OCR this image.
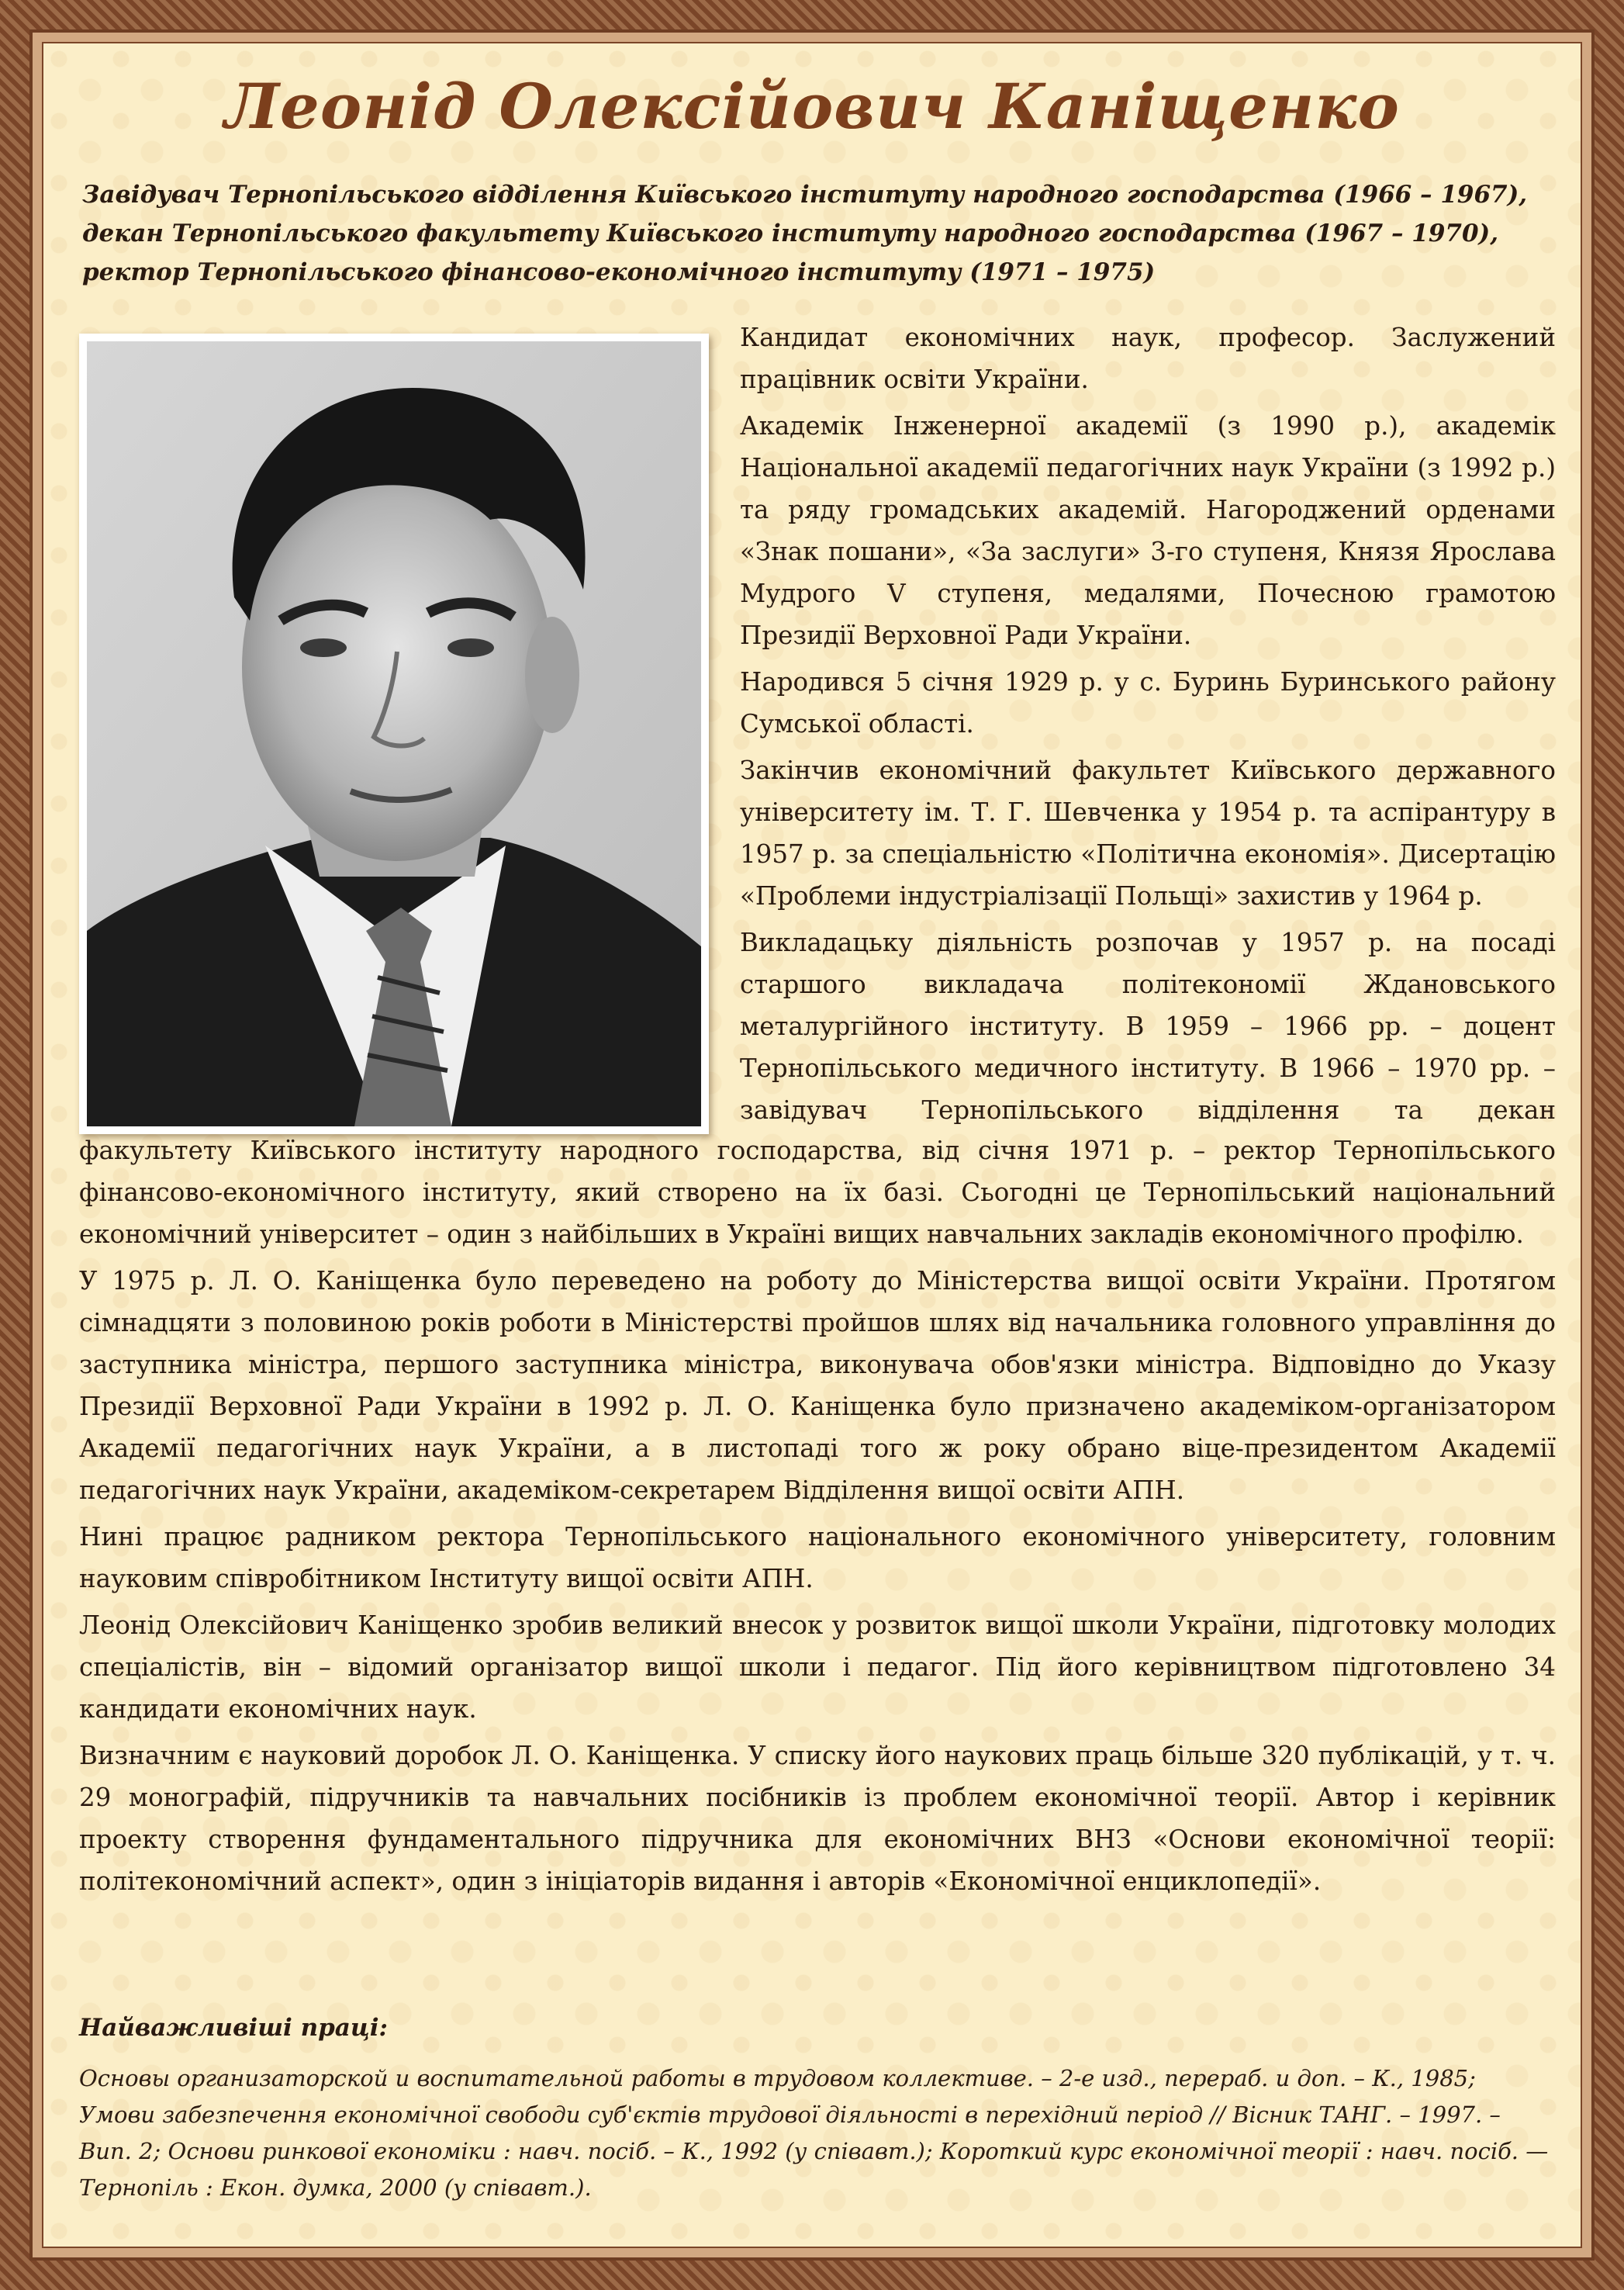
Леонід Олексійович Каніщенко
Завідувач Тернопільського відділення Київського інституту народного господарства (1966 – 1967),
декан Тернопільського факультету Київського інституту народного господарства (1967 – 1970),
ректор Тернопільського фінансово-економічного інституту (1971 – 1975)

Кандидат економічних наук, професор. Заслужений працівник освіти України.

Академік Інженерної академії (з 1990 р.), академік Національної академії педагогічних наук України (з 1992 р.) та ряду громадських академій. Нагороджений орденами «Знак пошани», «За заслуги» 3-го ступеня, Князя Ярослава Мудрого V ступеня, медалями, Почесною грамотою Президії Верховної Ради України.

Народився 5 січня 1929 р. у с. Буринь Буринського району Сумської області.

Закінчив економічний факультет Київського державного університету ім. Т. Г. Шевченка у 1954 р. та аспірантуру в 1957 р. за спеціальністю «Політична економія». Дисертацію «Проблеми індустріалізації Польщі» захистив у 1964 р.

Викладацьку діяльність розпочав у 1957 р. на посаді старшого викладача політекономії Ждановського металургійного інституту. В 1959 – 1966 рр. – доцент Тернопільського медичного інституту. В 1966 – 1970 рр. – завідувач Тернопільського відділення та декан

факультету Київського інституту народного господарства, від січня 1971 р. – ректор Тернопільського фінансово-економічного інституту, який створено на їх базі. Сьогодні це Тернопільський національний економічний університет – один з найбільших в Україні вищих навчальних закладів економічного профілю.

У 1975 р. Л. О. Каніщенка було переведено на роботу до Міністерства вищої освіти України. Протягом сімнадцяти з половиною років роботи в Міністерстві пройшов шлях від начальника головного управління до заступника міністра, першого заступника міністра, виконувача обов'язки міністра. Відповідно до Указу Президії Верховної Ради України в 1992 р. Л. О. Каніщенка було призначено академіком-організатором Академії педагогічних наук України, а в листопаді того ж року обрано віце-президентом Академії педагогічних наук України, академіком-секретарем Відділення вищої освіти АПН.

Нині працює радником ректора Тернопільського національного економічного університету, головним науковим співробітником Інституту вищої освіти АПН.

Леонід Олексійович Каніщенко зробив великий внесок у розвиток вищої школи України, підготовку молодих спеціалістів, він – відомий організатор вищої школи і педагог. Під його керівництвом підготовлено 34 кандидати економічних наук.

Визначним є науковий доробок Л. О. Каніщенка. У списку його наукових праць більше 320 публікацій, у т. ч. 29 монографій, підручників та навчальних посібників із проблем економічної теорії. Автор і керівник проекту створення фундаментального підручника для економічних ВНЗ «Основи економічної теорії: політекономічний аспект», один з ініціаторів видання і авторів «Економічної енциклопедії».

Найважливіші праці:
Основы организаторской и воспитательной работы в трудовом коллективе. – 2-е изд., перераб. и доп. – К., 1985;
Умови забезпечення економічної свободи суб'єктів трудової діяльності в перехідний період // Вісник ТАНГ. – 1997. –
Вип. 2; Основи ринкової економіки : навч. посіб. – К., 1992 (у співавт.); Короткий курс економічної теорії : навч. посіб. —
Тернопіль : Екон. думка, 2000 (у співавт.).
